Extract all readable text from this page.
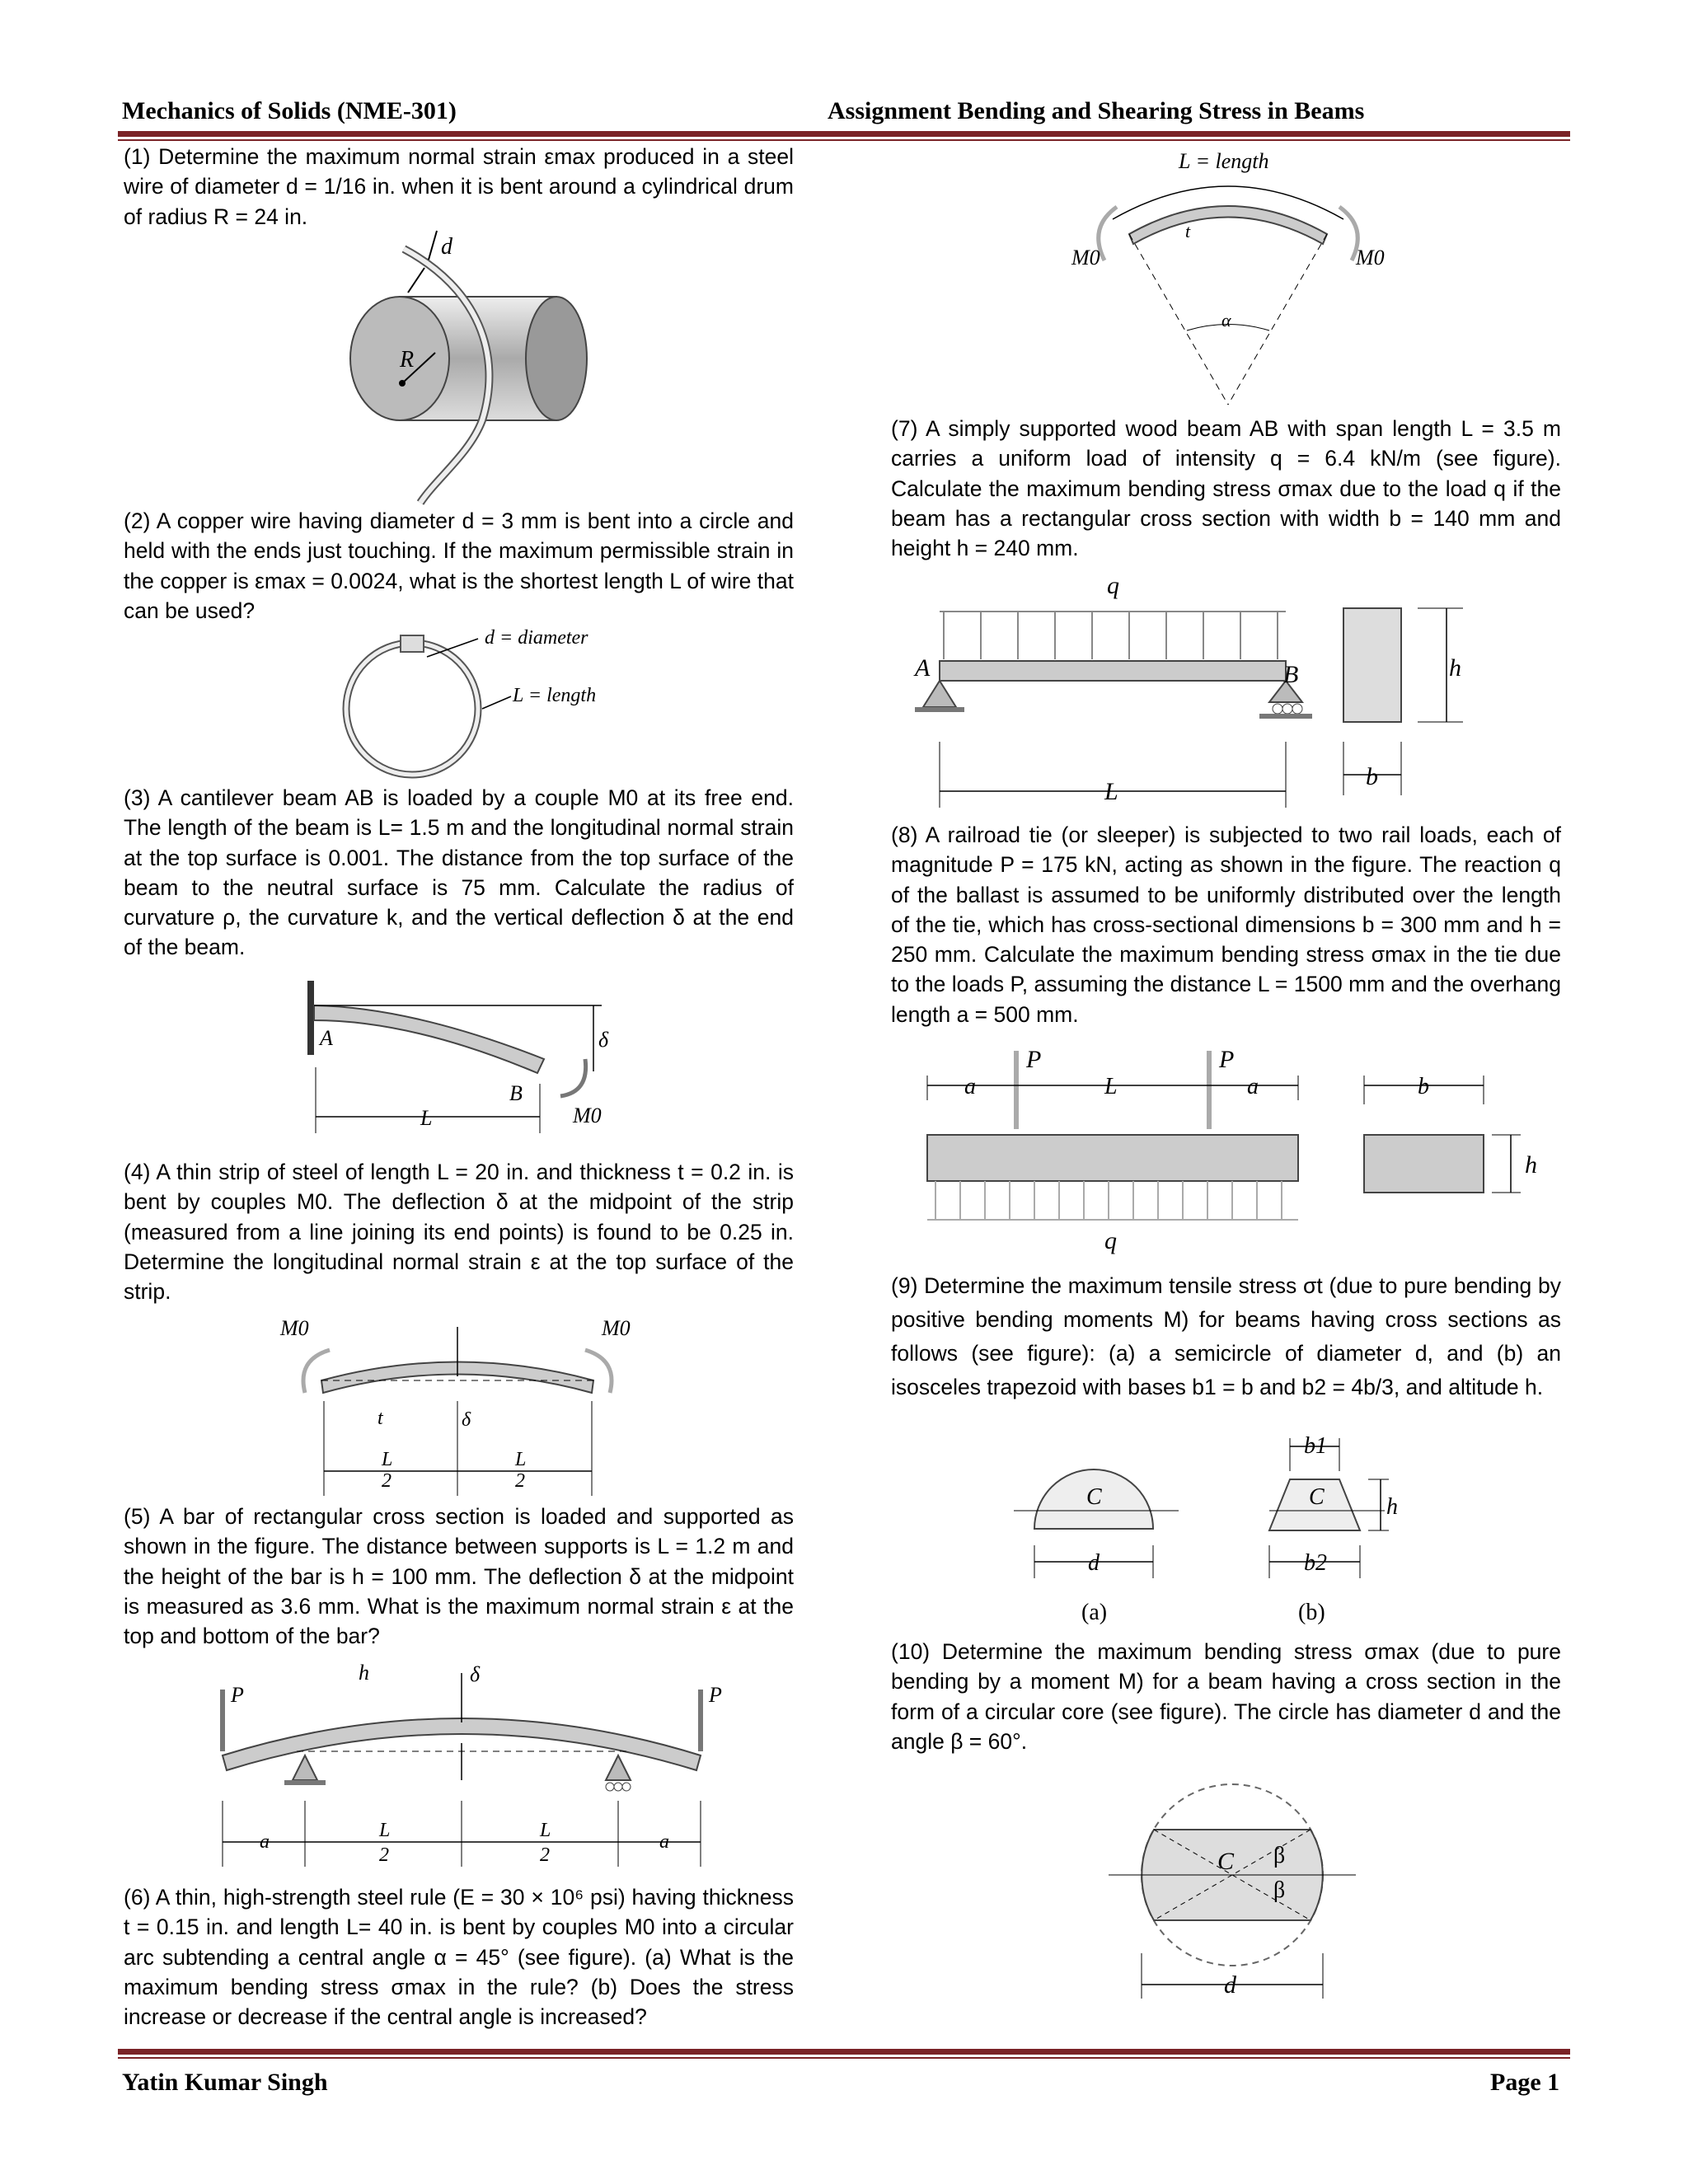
Mechanics of Solids (NME-301)	Assignment Bending and Shearing Stress in Beams
(1) Determine the maximum normal strain εmax produced in a steel wire of diameter d = 1/16 in. when it is bent around a cylindrical drum of radius R = 24 in.
d
R
(2) A copper wire having diameter d = 3 mm is bent into a circle and held with the ends just touching. If the maximum permissible strain in the copper is εmax = 0.0024, what is the shortest length L of wire that can be used?
d = diameter
L = length
(3) A cantilever beam AB is loaded by a couple M0 at its free end. The length of the beam is L= 1.5 m and the longitudinal normal strain at the top surface is 0.001. The distance from the top surface of the beam to the neutral surface is 75 mm. Calculate the radius of curvature ρ, the curvature k, and the vertical deflection δ at the end of the beam.
A
B
L
δ
M0
(4) A thin strip of steel of length L = 20 in. and thickness t = 0.2 in. is bent by couples M0. The deflection δ at the midpoint of the strip (measured from a line joining its end points) is found to be 0.25 in. Determine the longitudinal normal strain ε at the top surface of the strip.
M0	M0
t	δ
L
2
L
2
(5) A bar of rectangular cross section is loaded and supported as shown in the figure. The distance between supports is L = 1.2 m and the height of the bar is h = 100 mm. The deflection δ at the midpoint is measured as 3.6 mm. What is the maximum normal strain ε at the top and bottom of the bar?
h	δ
P	P
a	a
L
2
L
2
(6) A thin, high-strength steel rule (E = 30 × 10⁶ psi) having thickness t = 0.15 in. and length L= 40 in. is bent by couples M0 into a circular arc subtending a central angle α = 45° (see figure). (a) What is the maximum bending stress σmax in the rule? (b) Does the stress increase or decrease if the central angle is increased?
L = length
t
M0	M0
α
(7) A simply supported wood beam AB with span length L = 3.5 m carries a uniform load of intensity q = 6.4 kN/m (see figure). Calculate the maximum bending stress σmax due to the load q if the beam has a rectangular cross section with width b = 140 mm and height h = 240 mm.
q
A	B
L
h
b
(8) A railroad tie (or sleeper) is subjected to two rail loads, each of magnitude P = 175 kN, acting as shown in the figure. The reaction q of the ballast is assumed to be uniformly distributed over the length of the tie, which has cross-sectional dimensions b = 300 mm and h = 250 mm. Calculate the maximum bending stress σmax in the tie due to the loads P, assuming the distance L = 1500 mm and the overhang length a = 500 mm.
P	P
a	L	a
q
b
h
(9) Determine the maximum tensile stress σt (due to pure bending by positive bending moments M) for beams having cross sections as follows (see figure): (a) a semicircle of diameter d, and (b) an isosceles trapezoid with bases b1 = b and b2 = 4b/3, and altitude h.
C
d
C
b1
b2
h
(a)	(b)
(10) Determine the maximum bending stress σmax (due to pure bending by a moment M) for a beam having a cross section in the form of a circular core (see figure). The circle has diameter d and the angle β = 60°.
C β
β
d
Yatin Kumar Singh	Page 1
